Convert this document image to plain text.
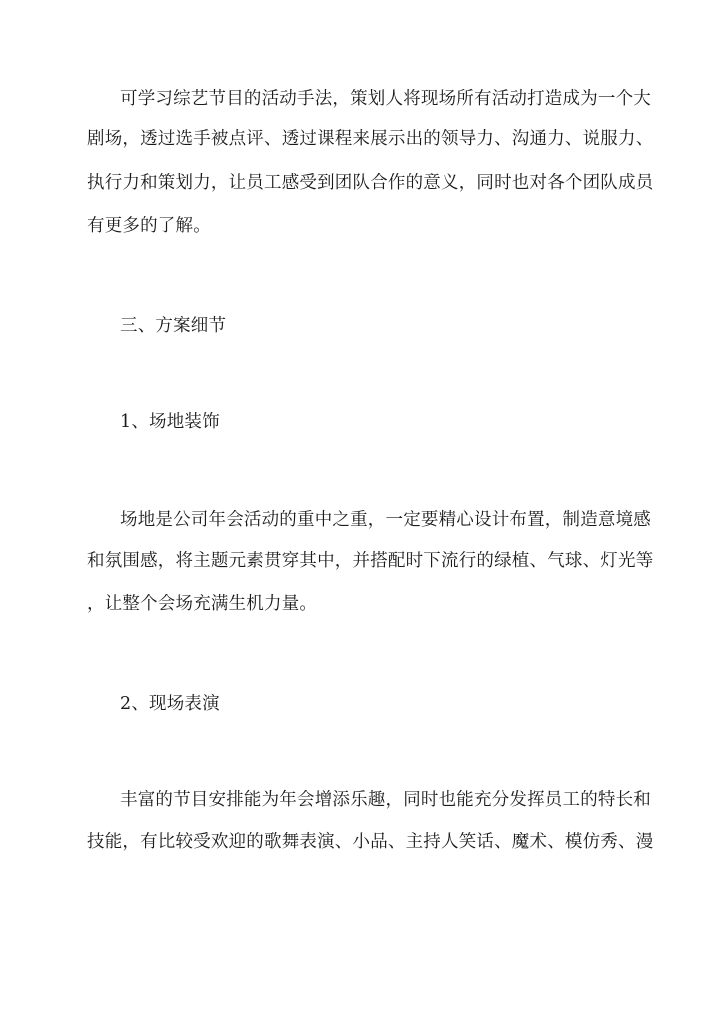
可学习综艺节目的活动手法，策划人将现场所有活动打造成为一个大
剧场，透过选手被点评、透过课程来展示出的领导力、沟通力、说服力、
执行力和策划力，让员工感受到团队合作的意义，同时也对各个团队成员
有更多的了解。
三、方案细节
1、场地装饰
场地是公司年会活动的重中之重，一定要精心设计布置，制造意境感
和氛围感，将主题元素贯穿其中，并搭配时下流行的绿植、气球、灯光等
，让整个会场充满生机力量。
2、现场表演
丰富的节目安排能为年会增添乐趣，同时也能充分发挥员工的特长和
技能，有比较受欢迎的歌舞表演、小品、主持人笑话、魔术、模仿秀、漫
